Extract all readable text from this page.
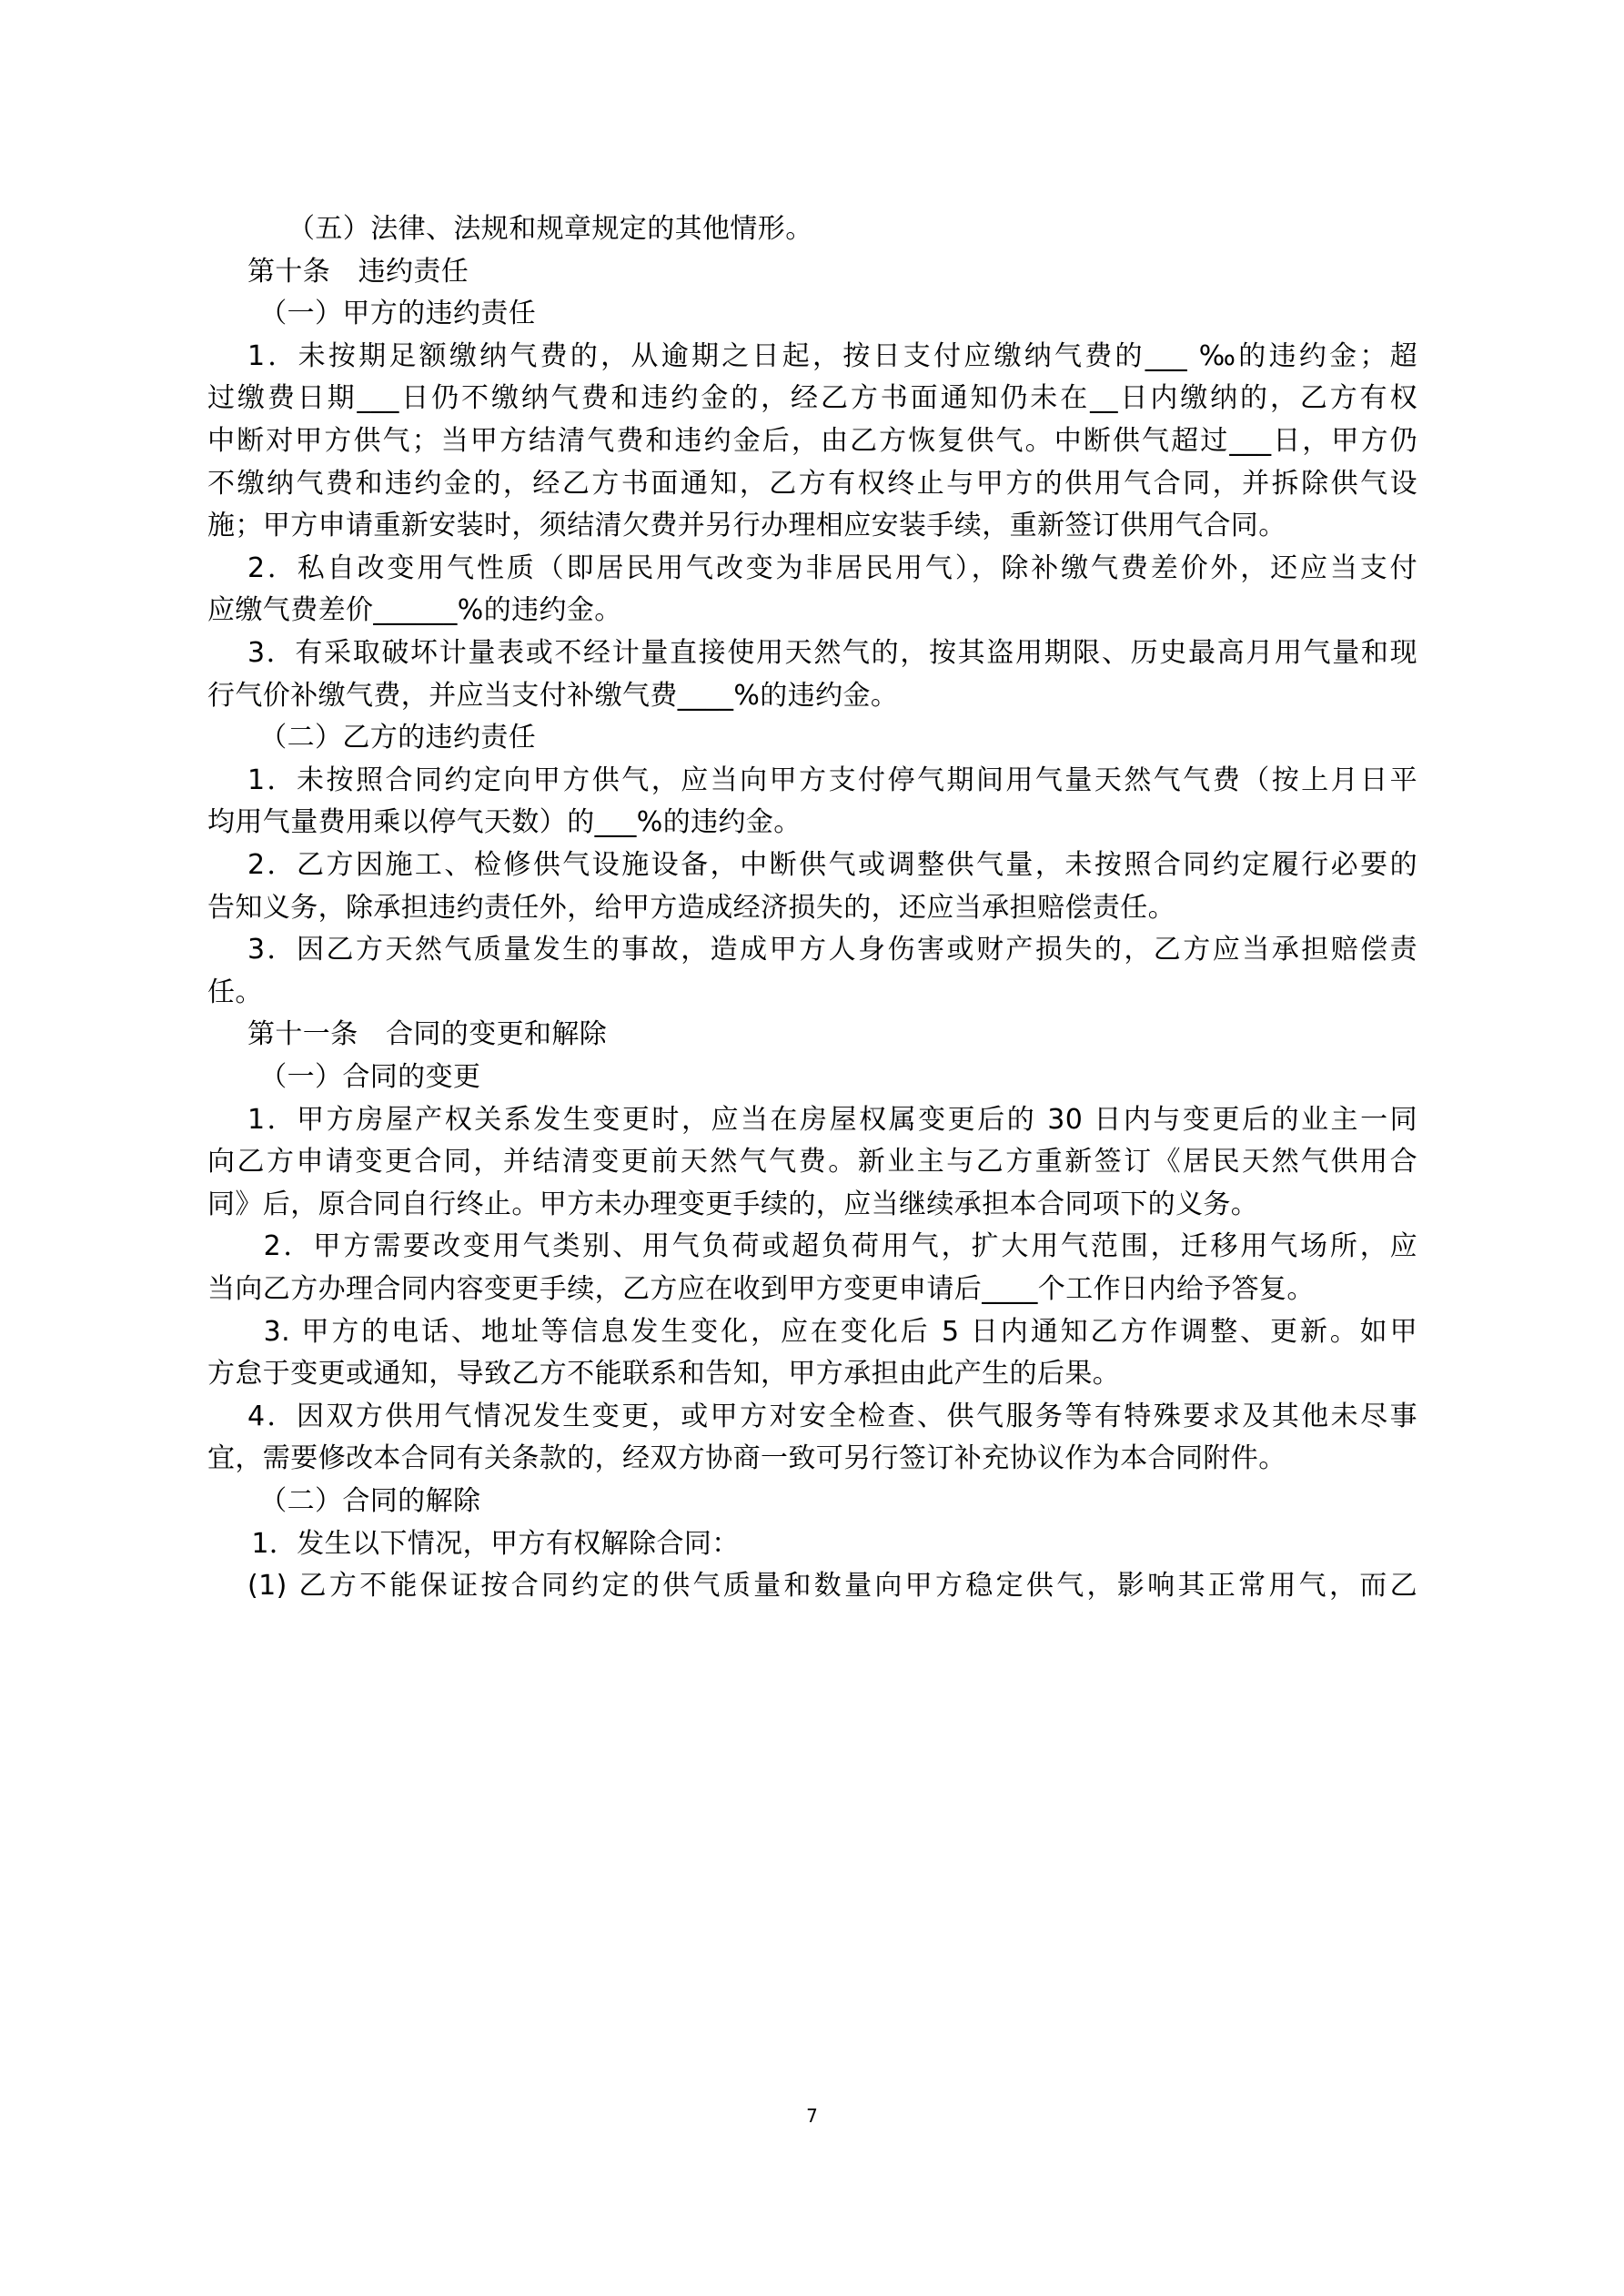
7
（五）法律、法规和规章规定的其他情形。
第十条　违约责任
（一）甲方的违约责任
1．未按期足额缴纳气费的，从逾期之日起，按日支付应缴纳气费的___ ‰的违约金；超
过缴费日期___日仍不缴纳气费和违约金的，经乙方书面通知仍未在__日内缴纳的，乙方有权
中断对甲方供气；当甲方结清气费和违约金后，由乙方恢复供气。中断供气超过___日，甲方仍
不缴纳气费和违约金的，经乙方书面通知，乙方有权终止与甲方的供用气合同，并拆除供气设
施；甲方申请重新安装时，须结清欠费并另行办理相应安装手续，重新签订供用气合同。
2．私自改变用气性质（即居民用气改变为非居民用气），除补缴气费差价外，还应当支付
应缴气费差价______%的违约金。
3．有采取破坏计量表或不经计量直接使用天然气的，按其盗用期限、历史最高月用气量和现
行气价补缴气费，并应当支付补缴气费____%的违约金。
（二）乙方的违约责任
1．未按照合同约定向甲方供气，应当向甲方支付停气期间用气量天然气气费（按上月日平
均用气量费用乘以停气天数）的___%的违约金。
2．乙方因施工、检修供气设施设备，中断供气或调整供气量，未按照合同约定履行必要的
告知义务，除承担违约责任外，给甲方造成经济损失的，还应当承担赔偿责任。
3．因乙方天然气质量发生的事故，造成甲方人身伤害或财产损失的，乙方应当承担赔偿责
任。
第十一条　合同的变更和解除
（一）合同的变更
1．甲方房屋产权关系发生变更时，应当在房屋权属变更后的 30 日内与变更后的业主一同
向乙方申请变更合同，并结清变更前天然气气费。新业主与乙方重新签订《居民天然气供用合
同》后，原合同自行终止。甲方未办理变更手续的，应当继续承担本合同项下的义务。
2．甲方需要改变用气类别、用气负荷或超负荷用气，扩大用气范围，迁移用气场所，应
当向乙方办理合同内容变更手续，乙方应在收到甲方变更申请后____个工作日内给予答复。
3. 甲方的电话、地址等信息发生变化，应在变化后 5 日内通知乙方作调整、更新。如甲
方怠于变更或通知，导致乙方不能联系和告知，甲方承担由此产生的后果。
4．因双方供用气情况发生变更，或甲方对安全检查、供气服务等有特殊要求及其他未尽事
宜，需要修改本合同有关条款的，经双方协商一致可另行签订补充协议作为本合同附件。
（二）合同的解除
1．发生以下情况，甲方有权解除合同：
(1) 乙方不能保证按合同约定的供气质量和数量向甲方稳定供气，影响其正常用气，而乙
